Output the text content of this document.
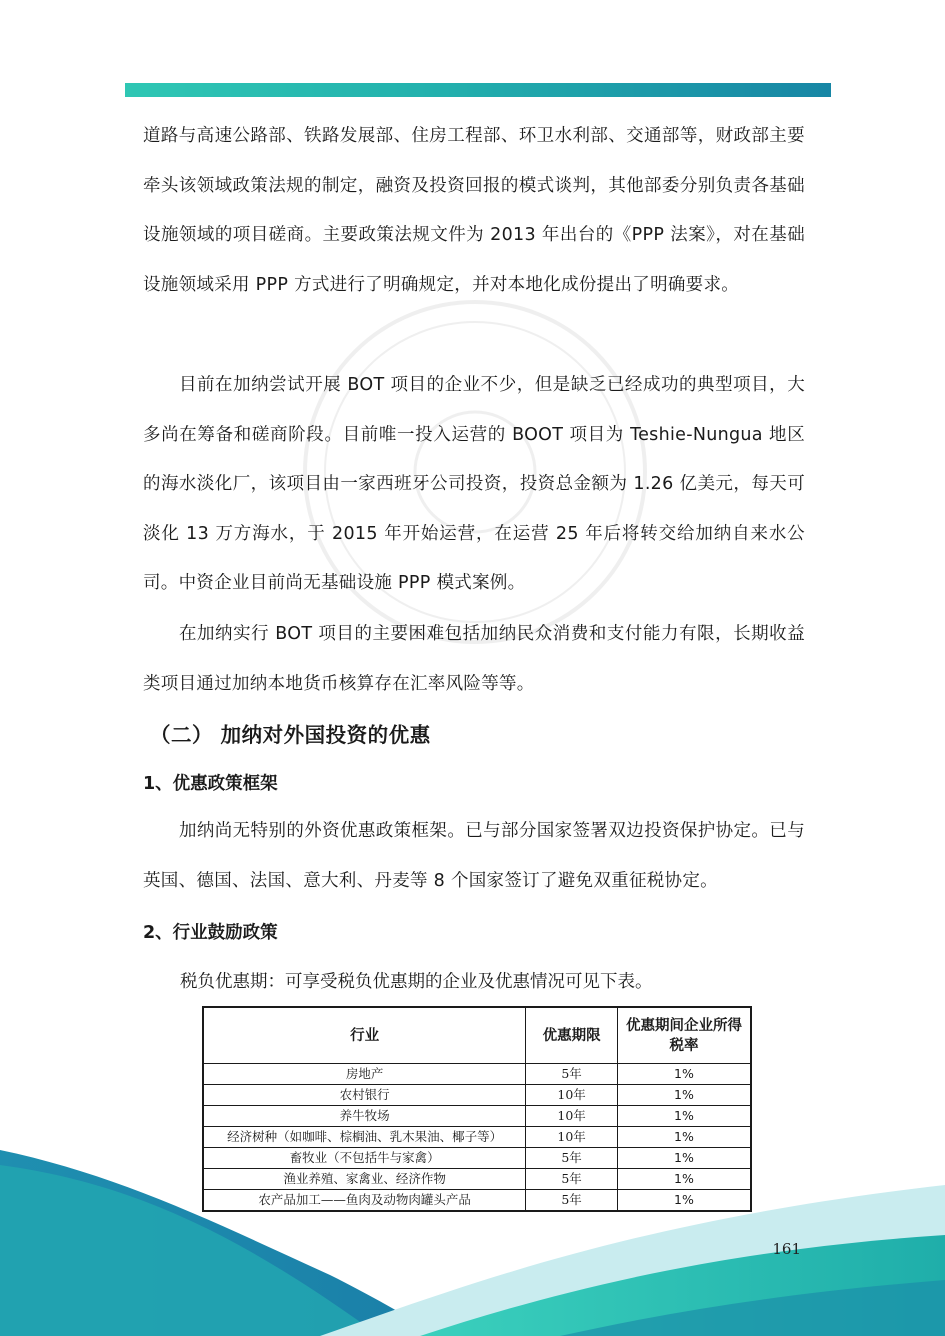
道路与高速公路部、铁路发展部、住房工程部、环卫水利部、交通部等，财政部主要牵头该领域政策法规的制定，融资及投资回报的模式谈判，其他部委分别负责各基础设施领域的项目磋商。主要政策法规文件为 2013 年出台的《PPP 法案》，对在基础设施领域采用 PPP 方式进行了明确规定，并对本地化成份提出了明确要求。

目前在加纳尝试开展 BOT 项目的企业不少，但是缺乏已经成功的典型项目，大多尚在筹备和磋商阶段。目前唯一投入运营的 BOOT 项目为 Teshie-Nungua 地区的海水淡化厂，该项目由一家西班牙公司投资，投资总金额为 1.26 亿美元，每天可淡化 13 万方海水，于 2015 年开始运营，在运营 25 年后将转交给加纳自来水公司。中资企业目前尚无基础设施 PPP 模式案例。

在加纳实行 BOT 项目的主要困难包括加纳民众消费和支付能力有限，长期收益类项目通过加纳本地货币核算存在汇率风险等等。

（二） 加纳对外国投资的优惠
1、优惠政策框架

加纳尚无特别的外资优惠政策框架。已与部分国家签署双边投资保护协定。已与英国、德国、法国、意大利、丹麦等 8 个国家签订了避免双重征税协定。

2、行业鼓励政策

税负优惠期：可享受税负优惠期的企业及优惠情况可见下表。

行业	优惠期限	优惠期间企业所得税率
房地产	5年	1%
农村银行	10年	1%
养牛牧场	10年	1%
经济树种（如咖啡、棕榈油、乳木果油、椰子等）	10年	1%
畜牧业（不包括牛与家禽）	5年	1%
渔业养殖、家禽业、经济作物	5年	1%
农产品加工——鱼肉及动物肉罐头产品	5年	1%
161
